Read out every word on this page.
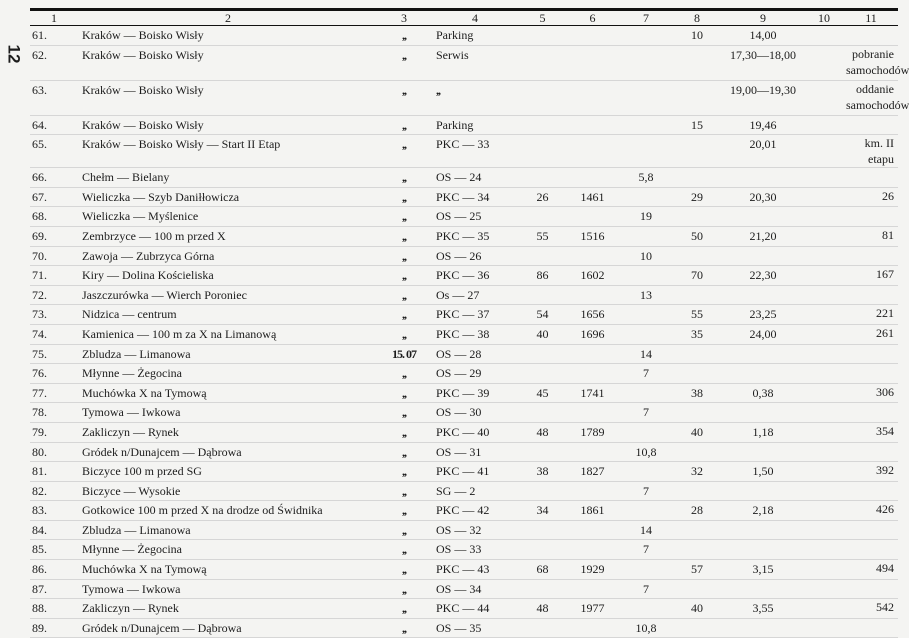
12
1	2	3	4	5	6	7	8	9	10	11
61.	Kraków — Boisko Wisły	,,	Parking				10	14,00		
62.	Kraków — Boisko Wisły	,,	Serwis					17,30—18,00		pobranie samochodów
63.	Kraków — Boisko Wisły	,,	,,					19,00—19,30		oddanie samochodów
64.	Kraków — Boisko Wisły	,,	Parking				15	19,46		
65.	Kraków — Boisko Wisły — Start II Etap	,,	PKC — 33					20,01		km. II etapu
66.	Chełm — Bielany	,,	OS — 24			5,8				
67.	Wieliczka — Szyb Daniłłowicza	,,	PKC — 34	26	1461		29	20,30		26
68.	Wieliczka — Myślenice	,,	OS — 25			19				
69.	Zembrzyce — 100 m przed X	,,	PKC — 35	55	1516		50	21,20		81
70.	Zawoja — Zubrzyca Górna	,,	OS — 26			10				
71.	Kiry — Dolina Kościeliska	,,	PKC — 36	86	1602		70	22,30		167
72.	Jaszczurówka — Wierch Poroniec	,,	Os — 27			13				
73.	Nidzica — centrum	,,	PKC — 37	54	1656		55	23,25		221
74.	Kamienica — 100 m za X na Limanową	,,	PKC — 38	40	1696		35	24,00		261
75.	Zbludza — Limanowa	15. 07	OS — 28			14				
76.	Młynne — Żegocina	,,	OS — 29			7				
77.	Muchówka X na Tymową	,,	PKC — 39	45	1741		38	0,38		306
78.	Tymowa — Iwkowa	,,	OS — 30			7				
79.	Zakliczyn — Rynek	,,	PKC — 40	48	1789		40	1,18		354
80.	Gródek n/Dunajcem — Dąbrowa	,,	OS — 31			10,8				
81.	Biczyce 100 m przed SG	,,	PKC — 41	38	1827		32	1,50		392
82.	Biczyce — Wysokie	,,	SG — 2			7				
83.	Gotkowice 100 m przed X na drodze od Świdnika	,,	PKC — 42	34	1861		28	2,18		426
84.	Zbludza — Limanowa	,,	OS — 32			14				
85.	Młynne — Żegocina	,,	OS — 33			7				
86.	Muchówka X na Tymową	,,	PKC — 43	68	1929		57	3,15		494
87.	Tymowa — Iwkowa	,,	OS — 34			7				
88.	Zakliczyn — Rynek	,,	PKC — 44	48	1977		40	3,55		542
89.	Gródek n/Dunajcem — Dąbrowa	,,	OS — 35			10,8				
